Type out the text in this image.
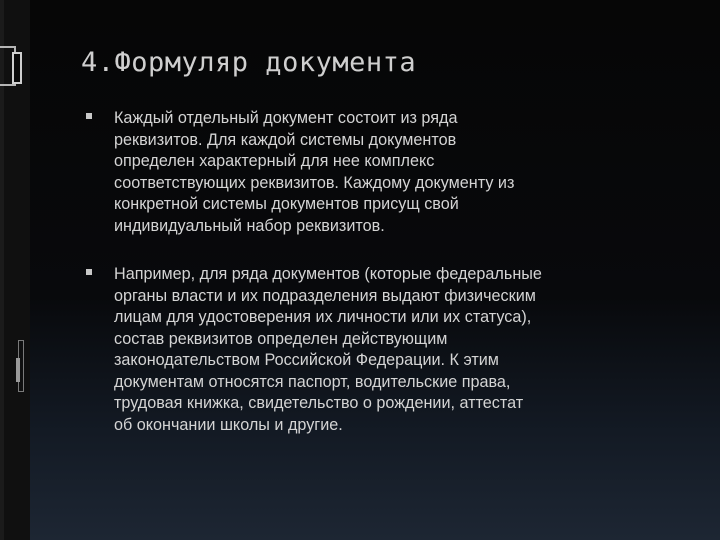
4.Формуляр документа
Каждый отдельный документ состоит из ряда
реквизитов. Для каждой системы документов
определен характерный для нее комплекс
соответствующих реквизитов. Каждому документу из
конкретной системы документов присущ свой
индивидуальный набор реквизитов.
Например, для ряда документов (которые федеральные
органы власти и их подразделения выдают физическим
лицам для удостоверения их личности или их статуса),
состав реквизитов определен действующим
законодательством Российской Федерации. К этим
документам относятся паспорт, водительские права,
трудовая книжка, свидетельство о рождении, аттестат
об окончании школы и другие.
